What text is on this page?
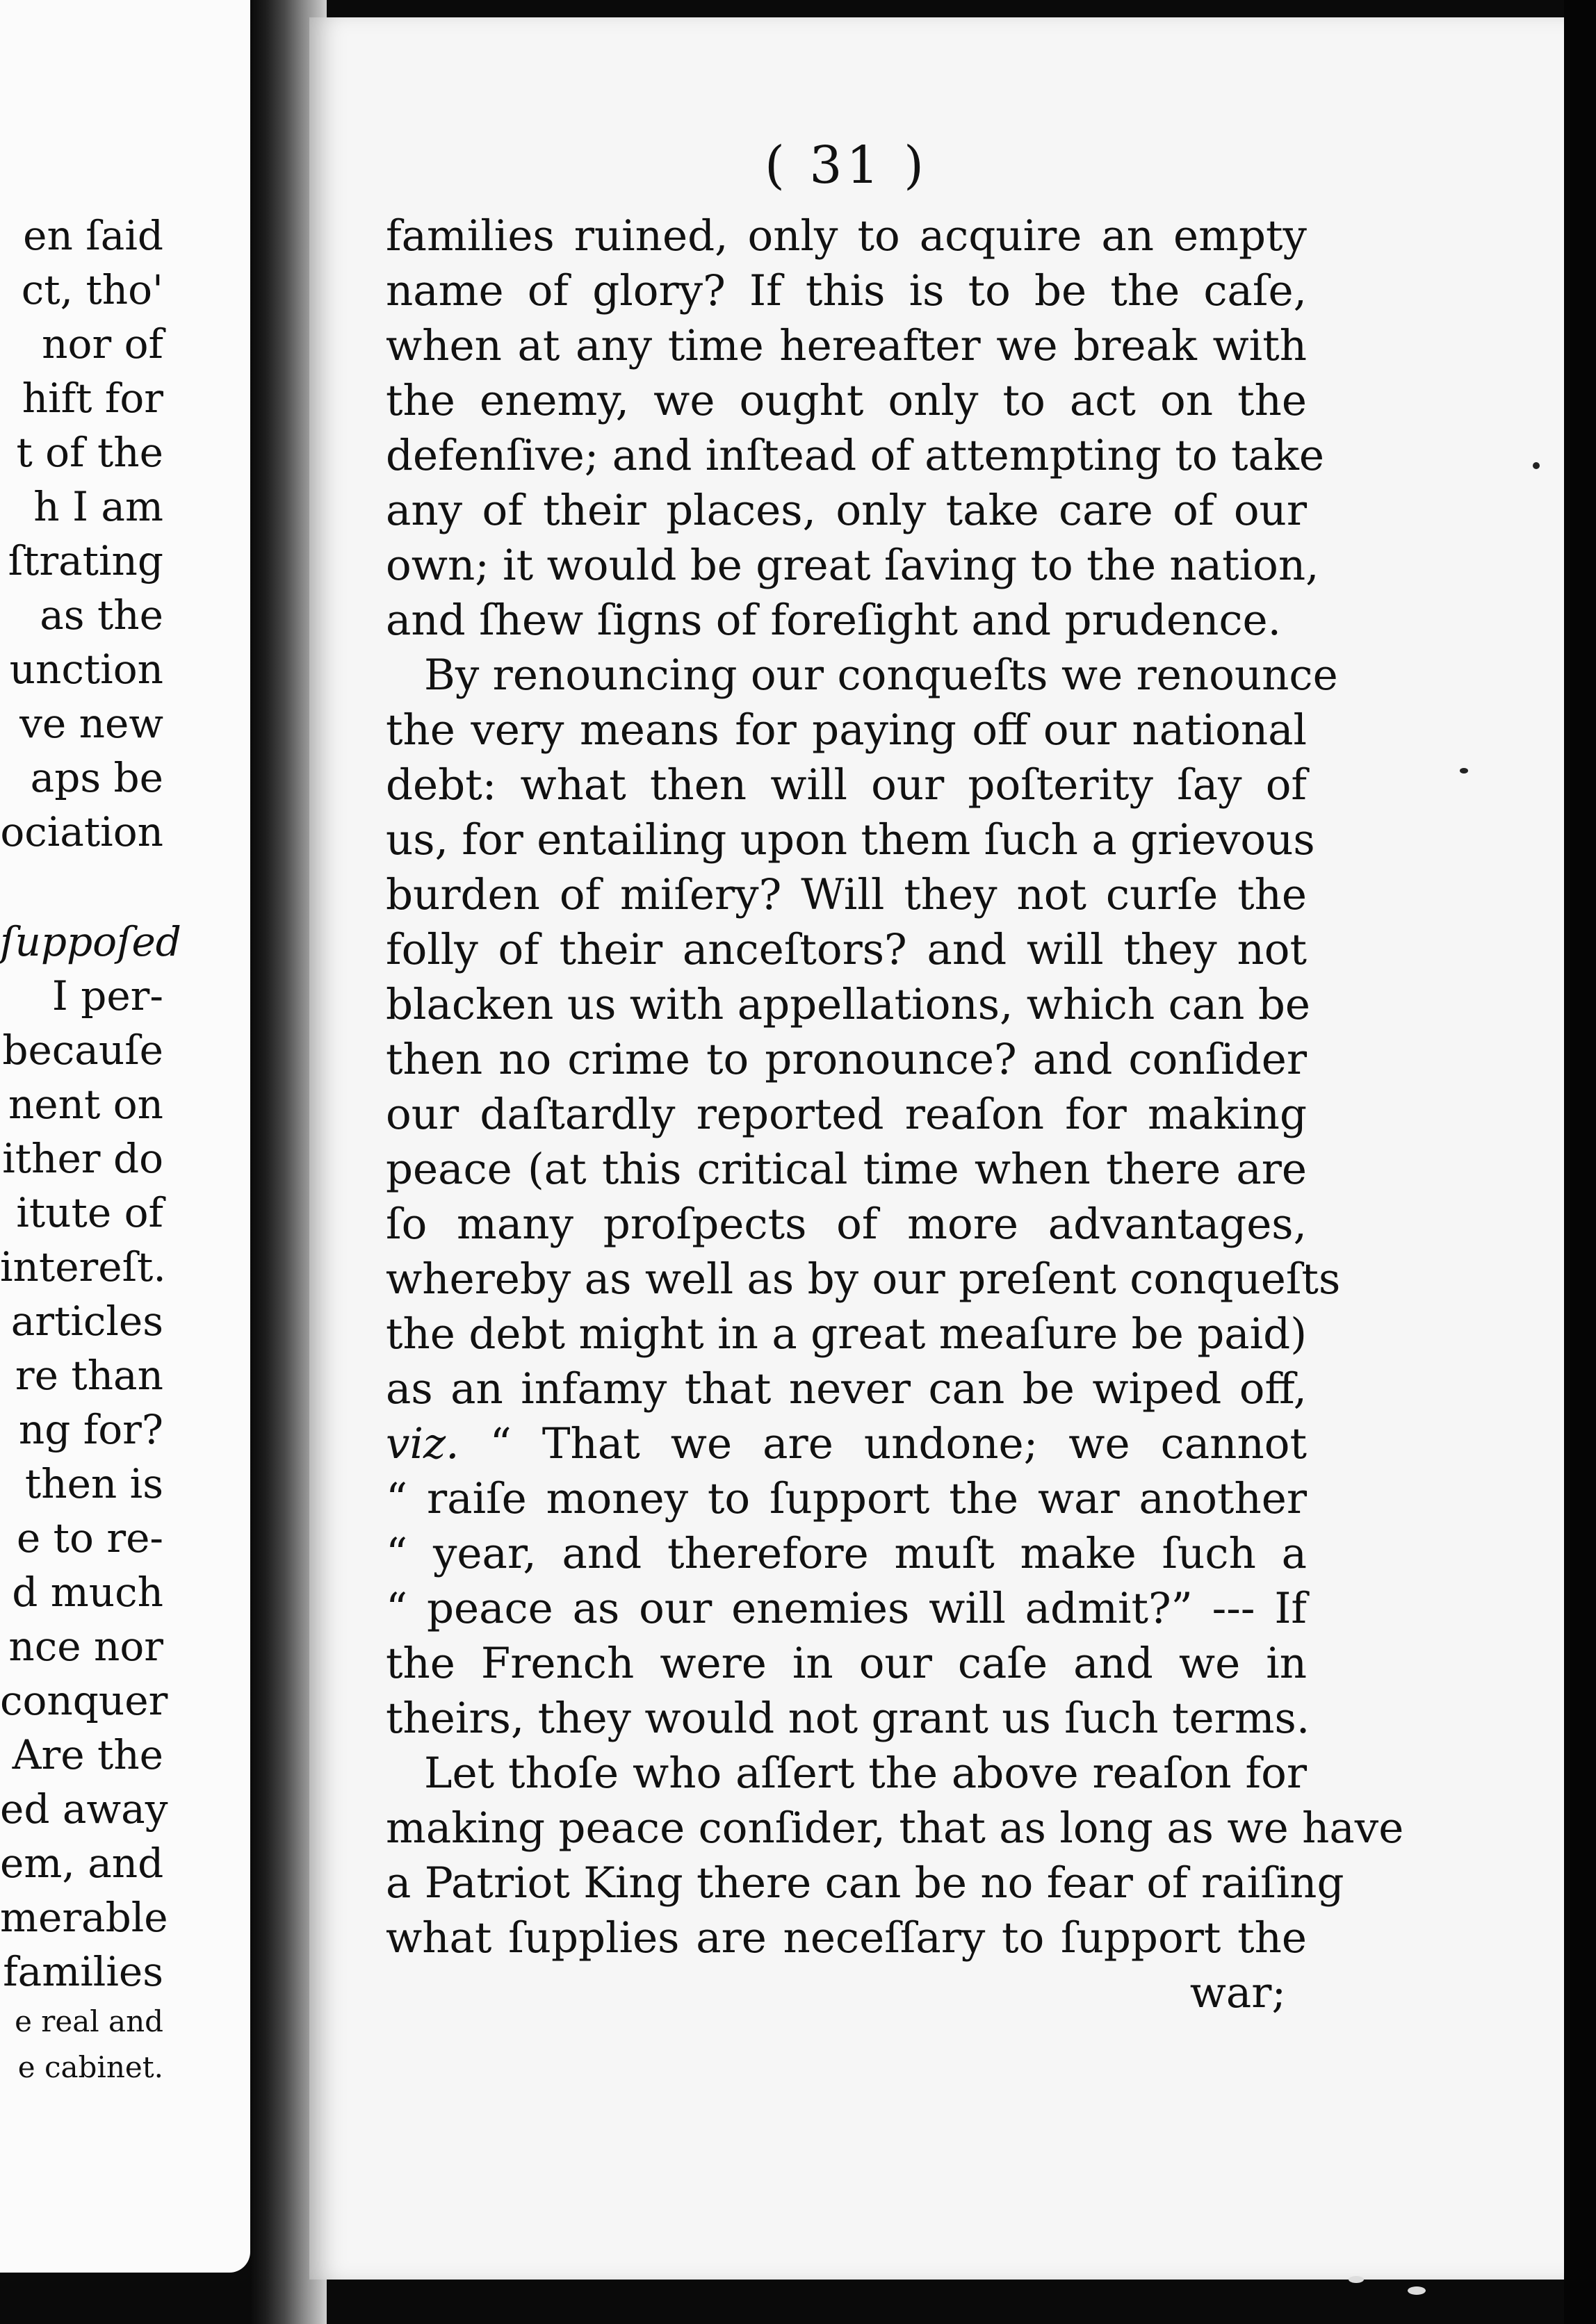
en ſaid
ct, tho'
nor of
hift for
t of the
h I am
ſtrating
as the
unction
ve new
aps be
ociation
ſuppoſed
I per-
becauſe
nent on
ither do
itute of
intereſt.
articles
re than
ng for?
then is
e to re-
d much
nce nor
conquer
Are the
ed away
em, and
merable
families
e real and
e cabinet.
( 31 )
families ruined, only to acquire an empty
name of glory? If this is to be the caſe,
when at any time hereafter we break with
the enemy, we ought only to act on the
defenſive; and inſtead of attempting to take
any of their places, only take care of our
own; it would be great ſaving to the nation,
and ſhew ſigns of foreſight and prudence.
By renouncing our conqueſts we renounce
the very means for paying off our national
debt: what then will our poſterity ſay of
us, for entailing upon them ſuch a grievous
burden of miſery? Will they not curſe the
folly of their anceſtors? and will they not
blacken us with appellations, which can be
then no crime to pronounce? and conſider
our daſtardly reported reaſon for making
peace (at this critical time when there are
ſo many proſpects of more advantages,
whereby as well as by our preſent conqueſts
the debt might in a great meaſure be paid)
as an infamy that never can be wiped off,
viz. “ That we are undone; we cannot
“ raiſe money to ſupport the war another
“ year, and therefore muſt make ſuch a
“ peace as our enemies will admit?” --- If
the French were in our caſe and we in
theirs, they would not grant us ſuch terms.
Let thoſe who aſſert the above reaſon for
making peace conſider, that as long as we have
a Patriot King there can be no fear of raiſing
what ſupplies are neceſſary to ſupport the
war;
